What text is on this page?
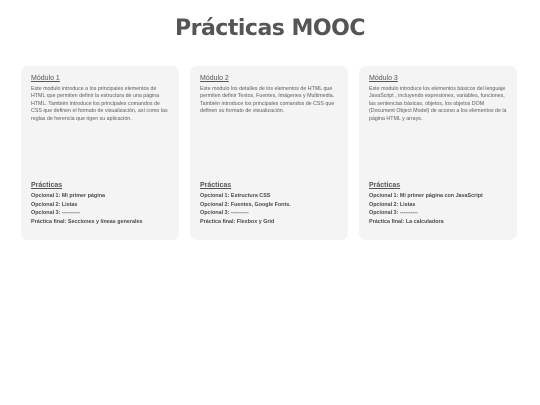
Prácticas MOOC
Módulo 1

Este modulo introduce a los principales elementos de HTML que permiten definir la estructura de una página HTML. También introduce los principales comandos de CSS que definen el formato de visualización, así como las reglas de herencia que rigen su aplicación.

Prácticas
Opcional 1: Mi primer página
Opcional 2: Listas
Opcional 3: ----------
Práctica final: Secciones y líneas generales
Módulo 2

Este modulo los detalles de los elementos de HTML que permiten definir Textos, Fuentes, Imágenes y Multimedia. También introduce los principales comandos de CSS que definen su formato de visualización.

Prácticas
Opcional 1: Estructura CSS
Opcional 2: Fuentes, Google Fonts.
Opcional 3: ----------
Práctica final: Flexbox y Grid
Módulo 3

Este modulo introduce los elementos básicos del lenguaje JavaScript , incluyendo expresiones, variables, funciones, las sentencias básicas, objetos, los objetos DOM (Document Object Model) de acceso a los elementos de la página HTML y arrays.

Prácticas
Opcional 1: Mi primer página con JavaScript
Opcional 2: Listas
Opcional 3: ----------
Práctica final: La calculadora
